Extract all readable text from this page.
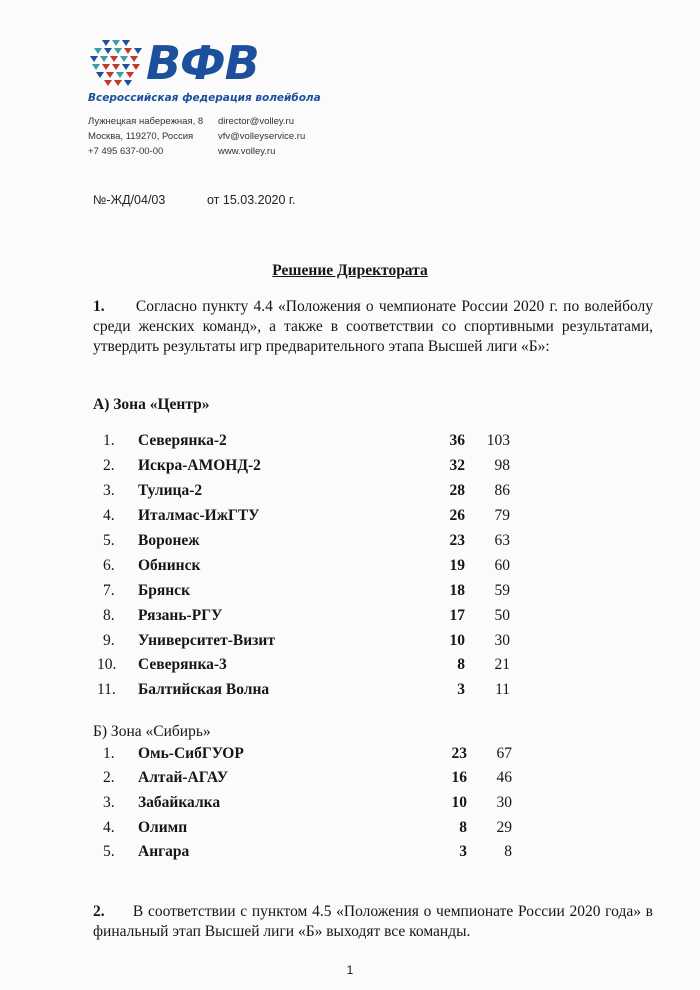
ВФВ
Всероссийская федерация волейбола
Лужнецкая набережная, 8
Москва, 119270, Россия
+7 495 637-00-00
director@volley.ru
vfv@volleyservice.ru
www.volley.ru
№-ЖД/04/03	от 15.03.2020 г.
Решение Директората
1. Согласно пункту 4.4 «Положения о чемпионате России 2020 г. по волейболу среди женских команд», а также в соответствии со спортивными результатами, утвердить результаты игр предварительного этапа Высшей лиги «Б»:
А) Зона «Центр»
1. Северянка-2	36	103
2. Искра-АМОНД-2	32	98
3. Тулица-2	28	86
4. Италмас-ИжГТУ	26	79
5. Воронеж	23	63
6. Обнинск	19	60
7. Брянск	18	59
8. Рязань-РГУ	17	50
9. Университет-Визит	10	30
10. Северянка-3	8	21
11. Балтийская Волна	3	11
Б) Зона «Сибирь»
1. Омь-СибГУОР	23	67
2. Алтай-АГАУ	16	46
3. Забайкалка	10	30
4. Олимп	8	29
5. Ангара	3	8
2. В соответствии с пунктом 4.5 «Положения о чемпионате России 2020 года» в финальный этап Высшей лиги «Б» выходят все команды.
1
